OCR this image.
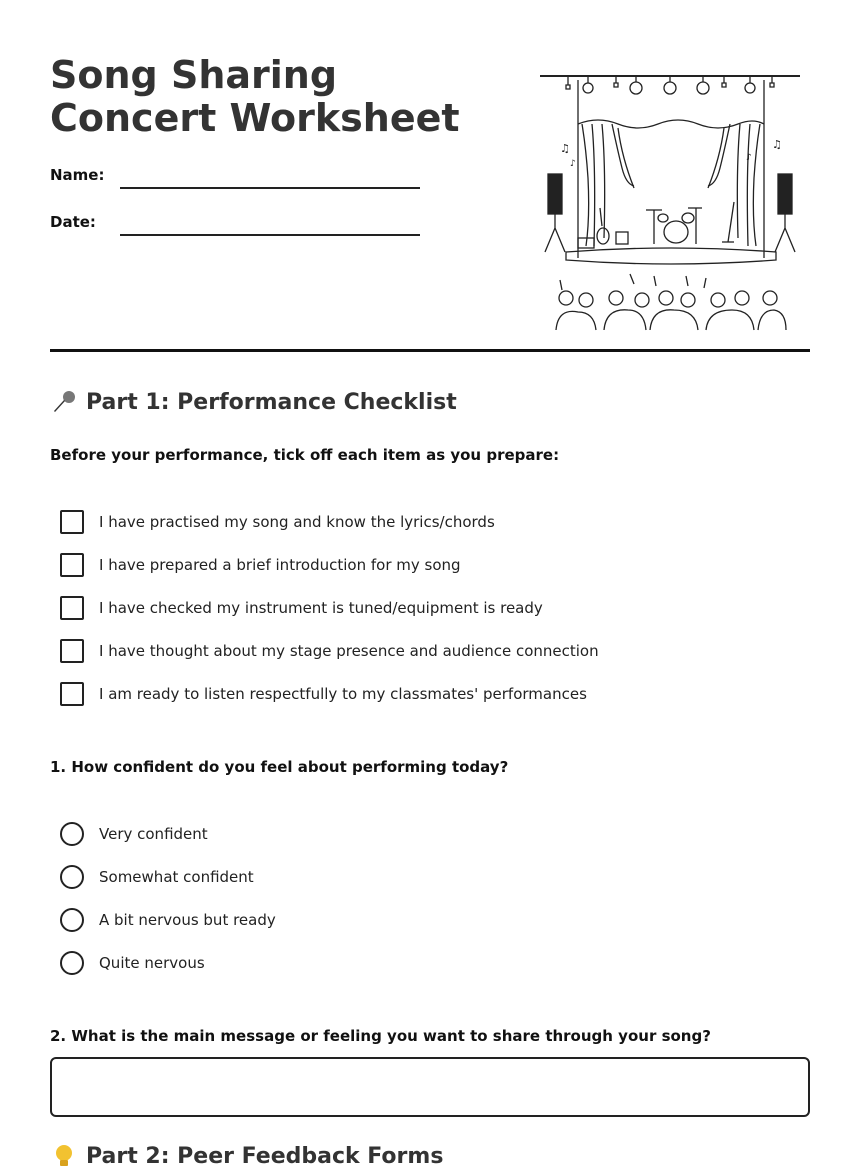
Song Sharing Concert Worksheet
Name:
Date:
♫
♪
♫
♪
Part 1: Performance Checklist
Before your performance, tick off each item as you prepare:
I have practised my song and know the lyrics/chords
I have prepared a brief introduction for my song
I have checked my instrument is tuned/equipment is ready
I have thought about my stage presence and audience connection
I am ready to listen respectfully to my classmates' performances
1. How confident do you feel about performing today?
Very confident
Somewhat confident
A bit nervous but ready
Quite nervous
2. What is the main message or feeling you want to share through your song?
Part 2: Peer Feedback Forms
